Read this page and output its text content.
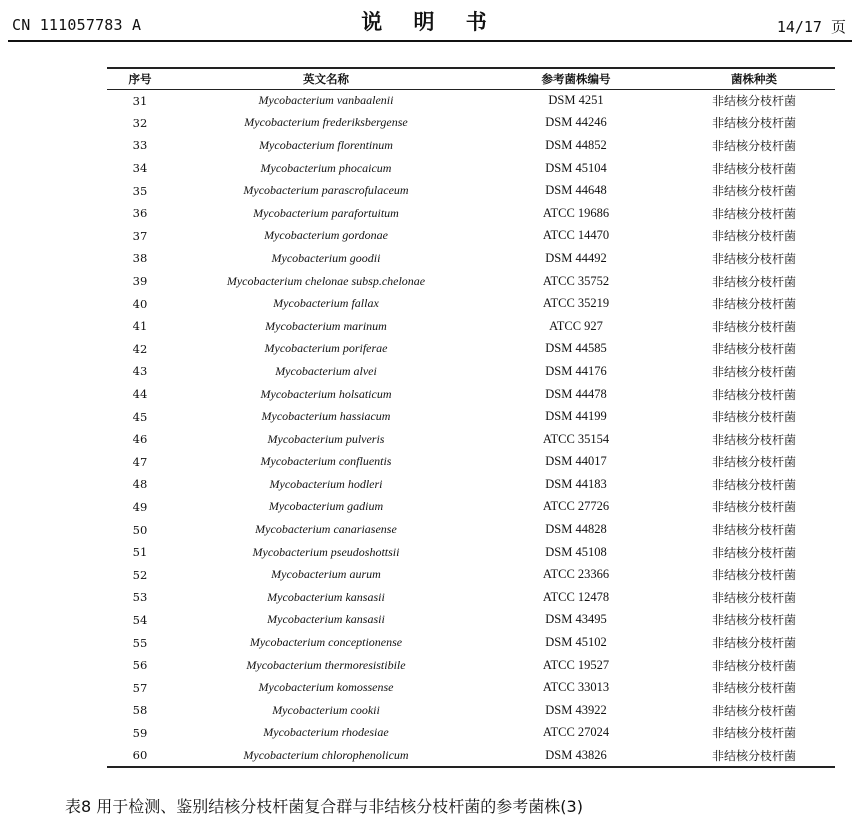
CN 111057783 A	说 明 书	14/17 页
序号	英文名称	参考菌株编号	菌株种类
31	Mycobacterium vanbaalenii	DSM 4251	非结核分枝杆菌
32	Mycobacterium frederiksbergense	DSM 44246	非结核分枝杆菌
33	Mycobacterium florentinum	DSM 44852	非结核分枝杆菌
34	Mycobacterium phocaicum	DSM 45104	非结核分枝杆菌
35	Mycobacterium parascrofulaceum	DSM 44648	非结核分枝杆菌
36	Mycobacterium parafortuitum	ATCC 19686	非结核分枝杆菌
37	Mycobacterium gordonae	ATCC 14470	非结核分枝杆菌
38	Mycobacterium goodii	DSM 44492	非结核分枝杆菌
39	Mycobacterium chelonae subsp.chelonae	ATCC 35752	非结核分枝杆菌
40	Mycobacterium fallax	ATCC 35219	非结核分枝杆菌
41	Mycobacterium marinum	ATCC 927	非结核分枝杆菌
42	Mycobacterium poriferae	DSM 44585	非结核分枝杆菌
43	Mycobacterium alvei	DSM 44176	非结核分枝杆菌
44	Mycobacterium holsaticum	DSM 44478	非结核分枝杆菌
45	Mycobacterium hassiacum	DSM 44199	非结核分枝杆菌
46	Mycobacterium pulveris	ATCC 35154	非结核分枝杆菌
47	Mycobacterium confluentis	DSM 44017	非结核分枝杆菌
48	Mycobacterium hodleri	DSM 44183	非结核分枝杆菌
49	Mycobacterium gadium	ATCC 27726	非结核分枝杆菌
50	Mycobacterium canariasense	DSM 44828	非结核分枝杆菌
51	Mycobacterium pseudoshottsii	DSM 45108	非结核分枝杆菌
52	Mycobacterium aurum	ATCC 23366	非结核分枝杆菌
53	Mycobacterium kansasii	ATCC 12478	非结核分枝杆菌
54	Mycobacterium kansasii	DSM 43495	非结核分枝杆菌
55	Mycobacterium conceptionense	DSM 45102	非结核分枝杆菌
56	Mycobacterium thermoresistibile	ATCC 19527	非结核分枝杆菌
57	Mycobacterium komossense	ATCC 33013	非结核分枝杆菌
58	Mycobacterium cookii	DSM 43922	非结核分枝杆菌
59	Mycobacterium rhodesiae	ATCC 27024	非结核分枝杆菌
60	Mycobacterium chlorophenolicum	DSM 43826	非结核分枝杆菌
表8 用于检测、鉴别结核分枝杆菌复合群与非结核分枝杆菌的参考菌株(3)
